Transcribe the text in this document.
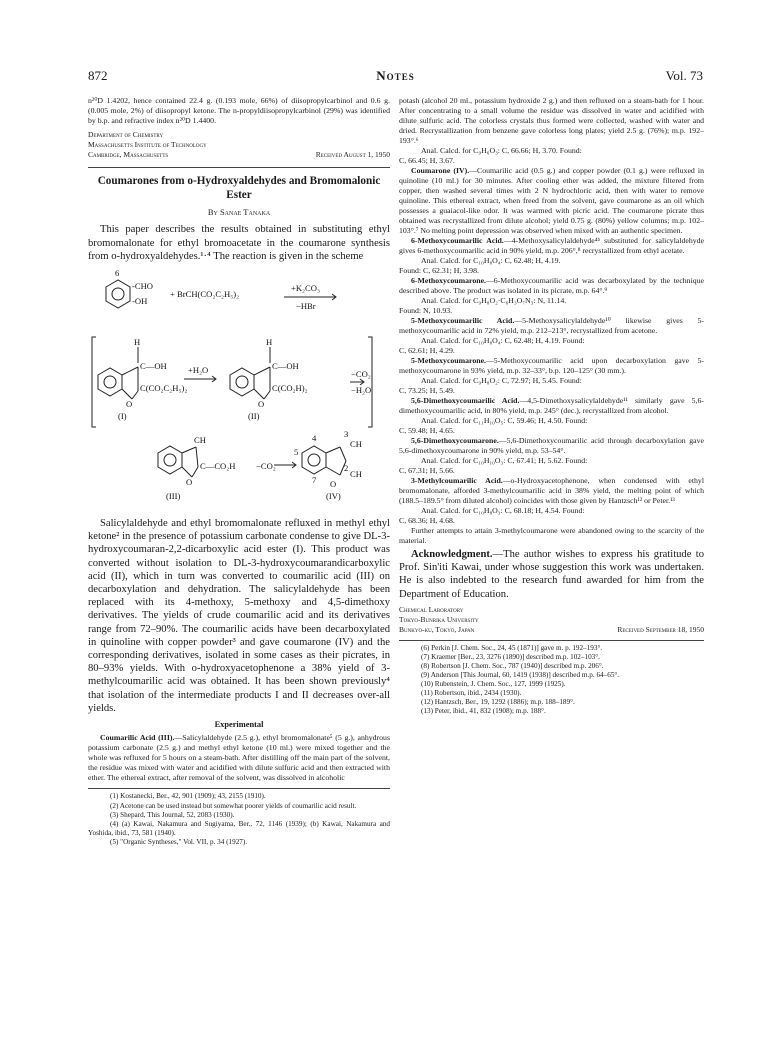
872	Notes	Vol. 73

n²⁰D 1.4202, hence contained 22.4 g. (0.193 mole, 66%) of diisopropylcarbinol and 0.6 g. (0.005 mole, 2%) of diisopropyl ketone. The n-propyldiisopropylcarbinol (29%) was identified by b.p. and refractive index n²⁰D 1.4400.

Department of Chemistry
Massachusetts Institute of Technology
Cambridge, Massachusetts	Received August 1, 1950
Coumarones from o-Hydroxyaldehydes and Bromomalonic Ester
By Sanae Tanaka

This paper describes the results obtained in substituting ethyl bromomalonate for ethyl bromoacetate in the coumarone synthesis from o-hydroxyaldehydes.¹·⁴ The reaction is given in the scheme

6
-CHO
-OH
+ BrCH(CO₂C₂H₅)₂
+K₂CO₃
−HBr
H
C—OH
C(CO₂C₂H₅)₂
O
(I)
+H₂O
H
C—OH
C(CO₂H)₂
O
(II)
−CO₂
−H₂O
CH
C—CO₂H
O
(III)
−CO₂
4
5
7
CH
CH
3
2
O
(IV)

Salicylaldehyde and ethyl bromomalonate refluxed in methyl ethyl ketone² in the presence of potassium carbonate condense to give DL-3-hydroxycoumaran-2,2-dicarboxylic acid ester (I). This product was converted without isolation to DL-3-hydroxycoumarandicarboxylic acid (II), which in turn was converted to coumarilic acid (III) on decarboxylation and dehydration. The salicylaldehyde has been replaced with its 4-methoxy, 5-methoxy and 4,5-dimethoxy derivatives. The yields of crude coumarilic acid and its derivatives range from 72–90%. The coumarilic acids have been decarboxylated in quinoline with copper powder³ and gave coumarone (IV) and the corresponding derivatives, isolated in some cases as their picrates, in 80–93% yields. With o-hydroxyacetophenone a 38% yield of 3-methylcoumarilic acid was obtained. It has been shown previously⁴ that isolation of the intermediate products I and II decreases over-all yields.

Experimental

Coumarilic Acid (III).—Salicylaldehyde (2.5 g.), ethyl bromomalonate⁵ (5 g.), anhydrous potassium carbonate (2.5 g.) and methyl ethyl ketone (10 ml.) were mixed together and the whole was refluxed for 5 hours on a steam-bath. After distilling off the main part of the solvent, the residue was mixed with water and acidified with dilute sulfuric acid and then extracted with ether. The ethereal extract, after removal of the solvent, was dissolved in alcoholic

(1) Kostanecki, Ber., 42, 901 (1909); 43, 2155 (1910).

(2) Acetone can be used instead but somewhat poorer yields of coumarilic acid result.

(3) Shepard, This Journal, 52, 2083 (1930).

(4) (a) Kawai, Nakamura and Sugiyama, Ber., 72, 1146 (1939); (b) Kawai, Nakamura and Yoshida, ibid., 73, 581 (1940).

(5) "Organic Syntheses," Vol. VII, p. 34 (1927).

potash (alcohol 20 ml., potassium hydroxide 2 g.) and then refluxed on a steam-bath for 1 hour. After concentrating to a small volume the residue was dissolved in water and acidified with dilute sulfuric acid. The colorless crystals thus formed were collected, washed with water and dried. Recrystallization from benzene gave colorless long plates; yield 2.5 g. (76%); m.p. 192–193°.⁶

Anal. Calcd. for C₉H₆O₃: C, 66.66; H, 3.70. Found:

C, 66.45; H, 3.67.

Coumarone (IV).—Coumarilic acid (0.5 g.) and copper powder (0.1 g.) were refluxed in quinoline (10 ml.) for 30 minutes. After cooling ether was added, the mixture filtered from copper, then washed several times with 2 N hydrochloric acid, then with water to remove quinoline. This ethereal extract, when freed from the solvent, gave coumarone as an oil which possesses a guaiacol-like odor. It was warmed with picric acid. The coumarone picrate thus obtained was recrystallized from dilute alcohol; yield 0.75 g. (80%) yellow columns; m.p. 102–103°.⁷ No melting point depression was observed when mixed with an authentic specimen.

6-Methoxycoumarilic Acid.—4-Methoxysalicylaldehyde⁴ᵇ substituted for salicylaldehyde gives 6-methoxycoumarilic acid in 90% yield, m.p. 206°,⁸ recrystallized from ethyl acetate.

Anal. Calcd. for C₁₀H₈O₄: C, 62.48; H, 4.19.

Found: C, 62.31; H, 3.98.

6-Methoxycoumarone.—6-Methoxycoumarilic acid was decarboxylated by the technique described above. The product was isolated in its picrate, m.p. 64°.⁹

Anal. Calcd. for C₉H₈O₂·C₆H₃O₇N₃: N, 11.14.

Found: N, 10.93.

5-Methoxycoumarilic Acid.—5-Methoxysalicylaldehyde¹⁰ likewise gives 5-methoxycoumarilic acid in 72% yield, m.p. 212–213°, recrystallized from acetone.

Anal. Calcd. for C₁₀H₈O₄: C, 62.48; H, 4.19. Found:

C, 62.61; H, 4.29.

5-Methoxycoumarone.—5-Methoxycoumarilic acid upon decarboxylation gave 5-methoxycoumarone in 93% yield, m.p. 32–33°, b.p. 120–125° (30 mm.).

Anal. Calcd. for C₉H₈O₂: C, 72.97; H, 5.45. Found:

C, 73.25; H, 5.49.

5,6-Dimethoxycoumarilic Acid.—4,5-Dimethoxysalicylaldehyde¹¹ similarly gave 5,6-dimethoxycoumarilic acid, in 80% yield, m.p. 245° (dec.), recrystallized from alcohol.

Anal. Calcd. for C₁₁H₁₀O₅: C, 59.46; H, 4.50. Found:

C, 59.48; H, 4.65.

5,6-Dimethoxycoumarone.—5,6-Dimethoxycoumarilic acid through decarboxylation gave 5,6-dimethoxycoumarone in 90% yield, m.p. 53–54°.

Anal. Calcd. for C₁₀H₁₀O₃: C, 67.41; H, 5.62. Found:

C, 67.31; H, 5.66.

3-Methylcoumarilic Acid.—o-Hydroxyacetophenone, when condensed with ethyl bromomalonate, afforded 3-methylcoumarilic acid in 38% yield, the melting point of which (188.5–189.5° from diluted alcohol) coincides with those given by Hantzsch¹² or Peter.¹³

Anal. Calcd. for C₁₀H₈O₃: C, 68.18; H, 4.54. Found:

C, 68.36; H, 4.68.

Further attempts to attain 3-methylcoumarone were abandoned owing to the scarcity of the material.

Acknowledgment.—The author wishes to express his gratitude to Prof. Sin'iti Kawai, under whose suggestion this work was undertaken. He is also indebted to the research fund awarded for him from the Department of Education.

Chemical Laboratory
Tokyo-Bunrika University
Bunkyo-ku, Tokyo, Japan	Received September 18, 1950

(6) Perkin [J. Chem. Soc., 24, 45 (1871)] gave m. p. 192–193°.

(7) Kraemer [Ber., 23, 3276 (1890)] described m.p. 102–103°.

(8) Robertson [J. Chem. Soc., 787 (1940)] described m.p. 206°.

(9) Anderson [This Journal, 60, 1419 (1938)] described m.p. 64–65°.

(10) Rubenstein, J. Chem. Soc., 127, 1999 (1925).

(11) Robertson, ibid., 2434 (1930).

(12) Hantzsch, Ber., 19, 1292 (1886); m.p. 188–189°.

(13) Peter, ibid., 41, 832 (1908); m.p. 188°.
